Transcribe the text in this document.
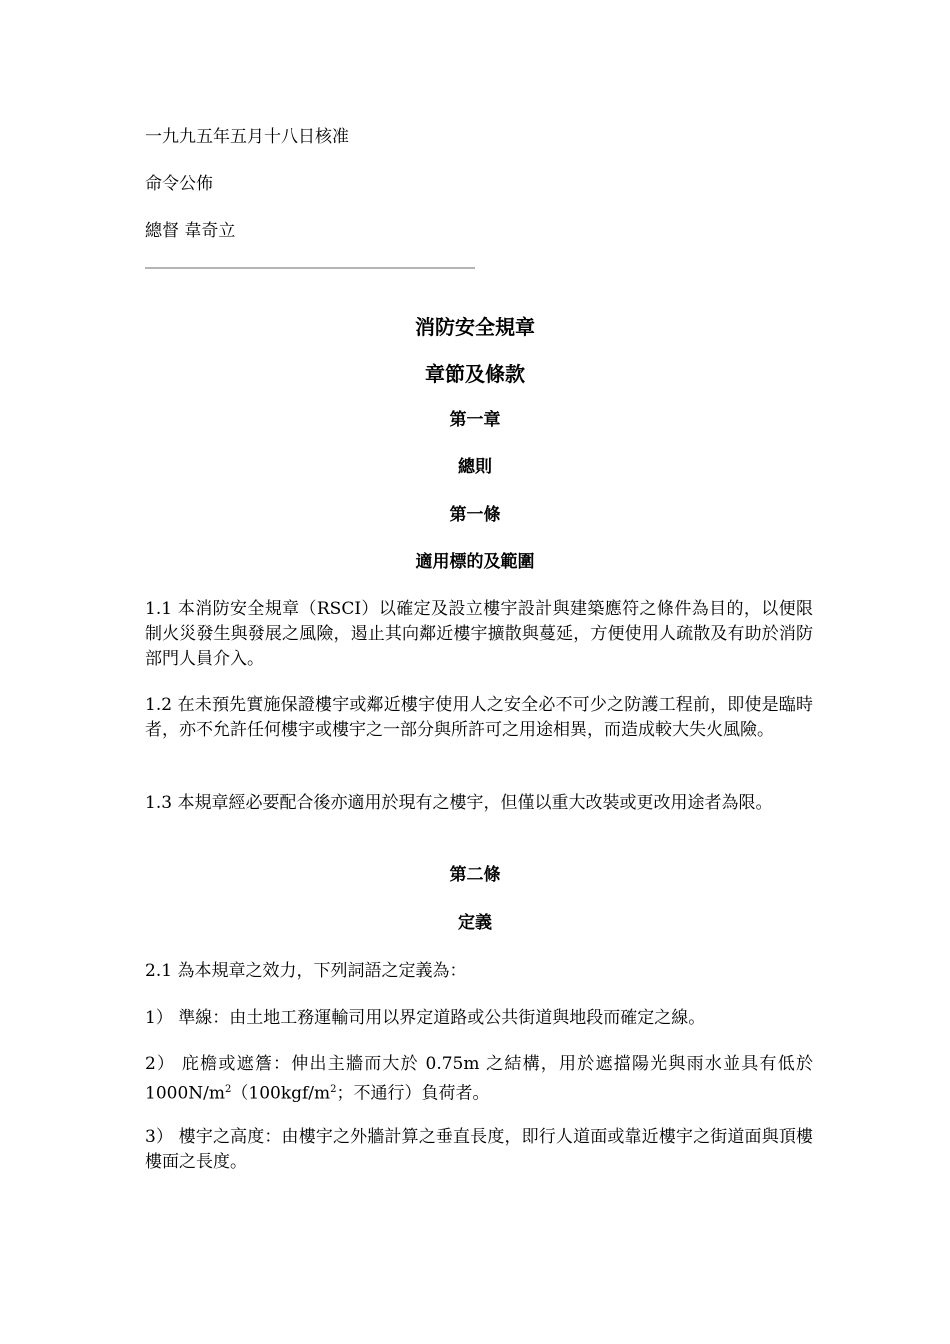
一九九五年五月十八日核准
命令公佈
總督 韋奇立
消防安全規章
章節及條款
第一章
總則
第一條
適用標的及範圍
1.1 本消防安全規章（RSCI）以確定及設立樓宇設計與建築應符之條件為目的，以便限制火災發生與發展之風險，遏止其向鄰近樓宇擴散與蔓延，方便使用人疏散及有助於消防部門人員介入。
1.2 在未預先實施保證樓宇或鄰近樓宇使用人之安全必不可少之防護工程前，即使是臨時者，亦不允許任何樓宇或樓宇之一部分與所許可之用途相異，而造成較大失火風險。
1.3 本規章經必要配合後亦適用於現有之樓宇，但僅以重大改裝或更改用途者為限。
第二條
定義
2.1 為本規章之效力，下列詞語之定義為：
1） 準線：由土地工務運輸司用以界定道路或公共街道與地段而確定之線。
2） 庇檐或遮簷：伸出主牆而大於 0.75m 之結構，用於遮擋陽光與雨水並具有低於 $1000N/m^2(100kgf/m^2$；不通行）負荷者。
3） 樓宇之高度：由樓宇之外牆計算之垂直長度，即行人道面或靠近樓宇之街道面與頂樓樓面之長度。
